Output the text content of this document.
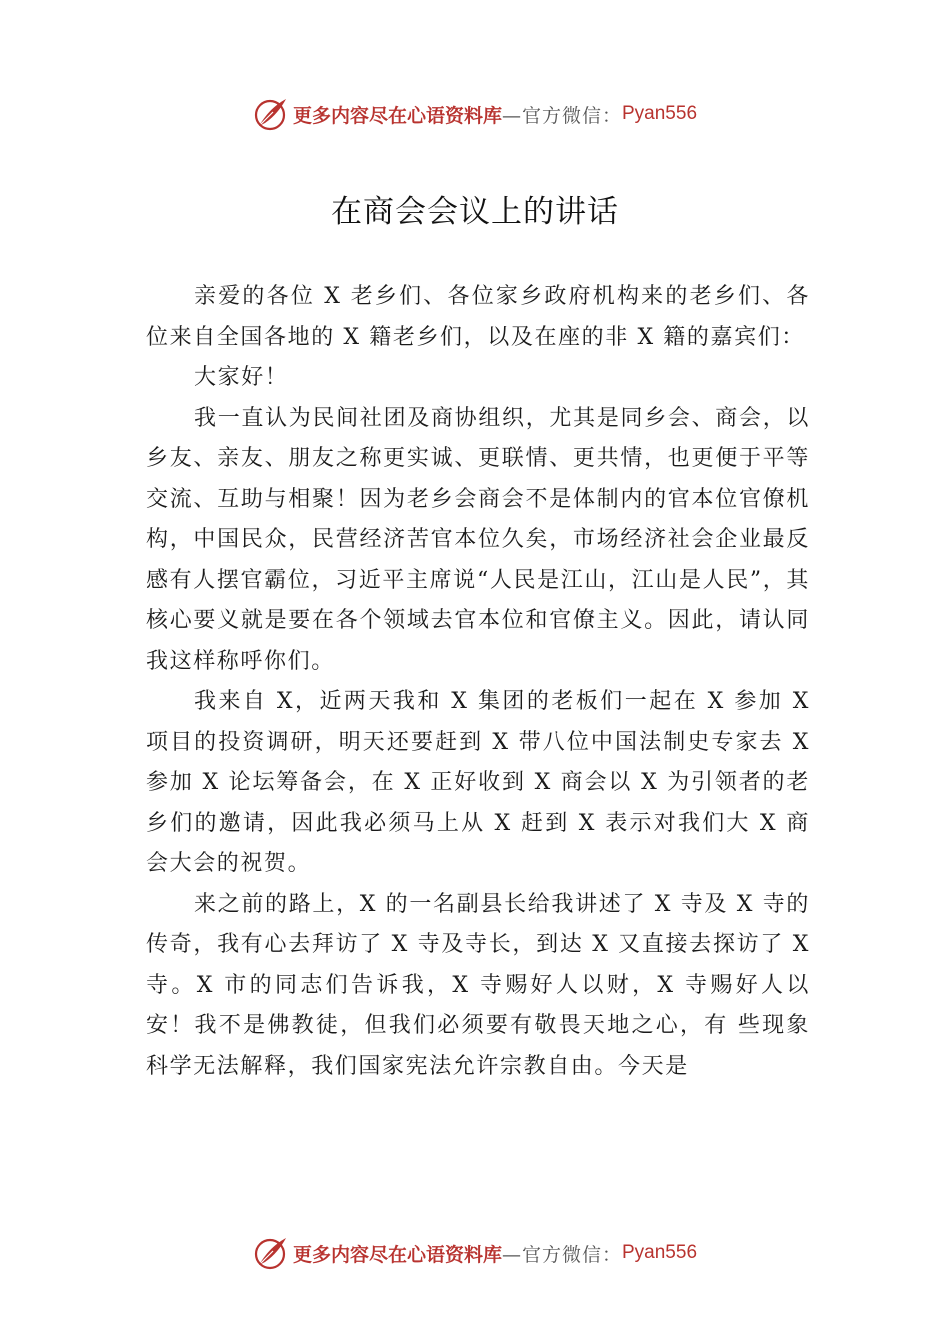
更多内容尽在心语资料库 —官方微信： Pyan556
在商会会议上的讲话

亲爱的各位 X 老乡们、各位家乡政府机构来的老乡们、各位来自全国各地的 X 籍老乡们，以及在座的非 X 籍的嘉宾们：

大家好！

我一直认为民间社团及商协组织，尤其是同乡会、商会，以乡友、亲友、朋友之称更实诚、更联情、更共情，也更便于平等交流、互助与相聚！因为老乡会商会不是体制内的官本位官僚机构，中国民众，民营经济苦官本位久矣，市场经济社会企业最反感有人摆官霸位，习近平主席说“人民是江山，江山是人民”，其核心要义就是要在各个领域去官本位和官僚主义。因此，请认同我这样称呼你们。

我来自 X，近两天我和 X 集团的老板们一起在 X 参加 X 项目的投资调研，明天还要赶到 X 带八位中国法制史专家去 X 参加 X 论坛筹备会，在 X 正好收到 X 商会以 X 为引领者的老乡们的邀请，因此我必须马上从 X 赶到 X 表示对我们大 X 商会大会的祝贺。

来之前的路上，X 的一名副县长给我讲述了 X 寺及 X 寺的传奇，我有心去拜访了 X 寺及寺长，到达 X 又直接去探访了 X 寺。X 市的同志们告诉我，X 寺赐好人以财，X 寺赐好人以安！我不是佛教徒，但我们必须要有敬畏天地之心，有 些现象科学无法解释，我们国家宪法允许宗教自由。今天是

更多内容尽在心语资料库 —官方微信： Pyan556
